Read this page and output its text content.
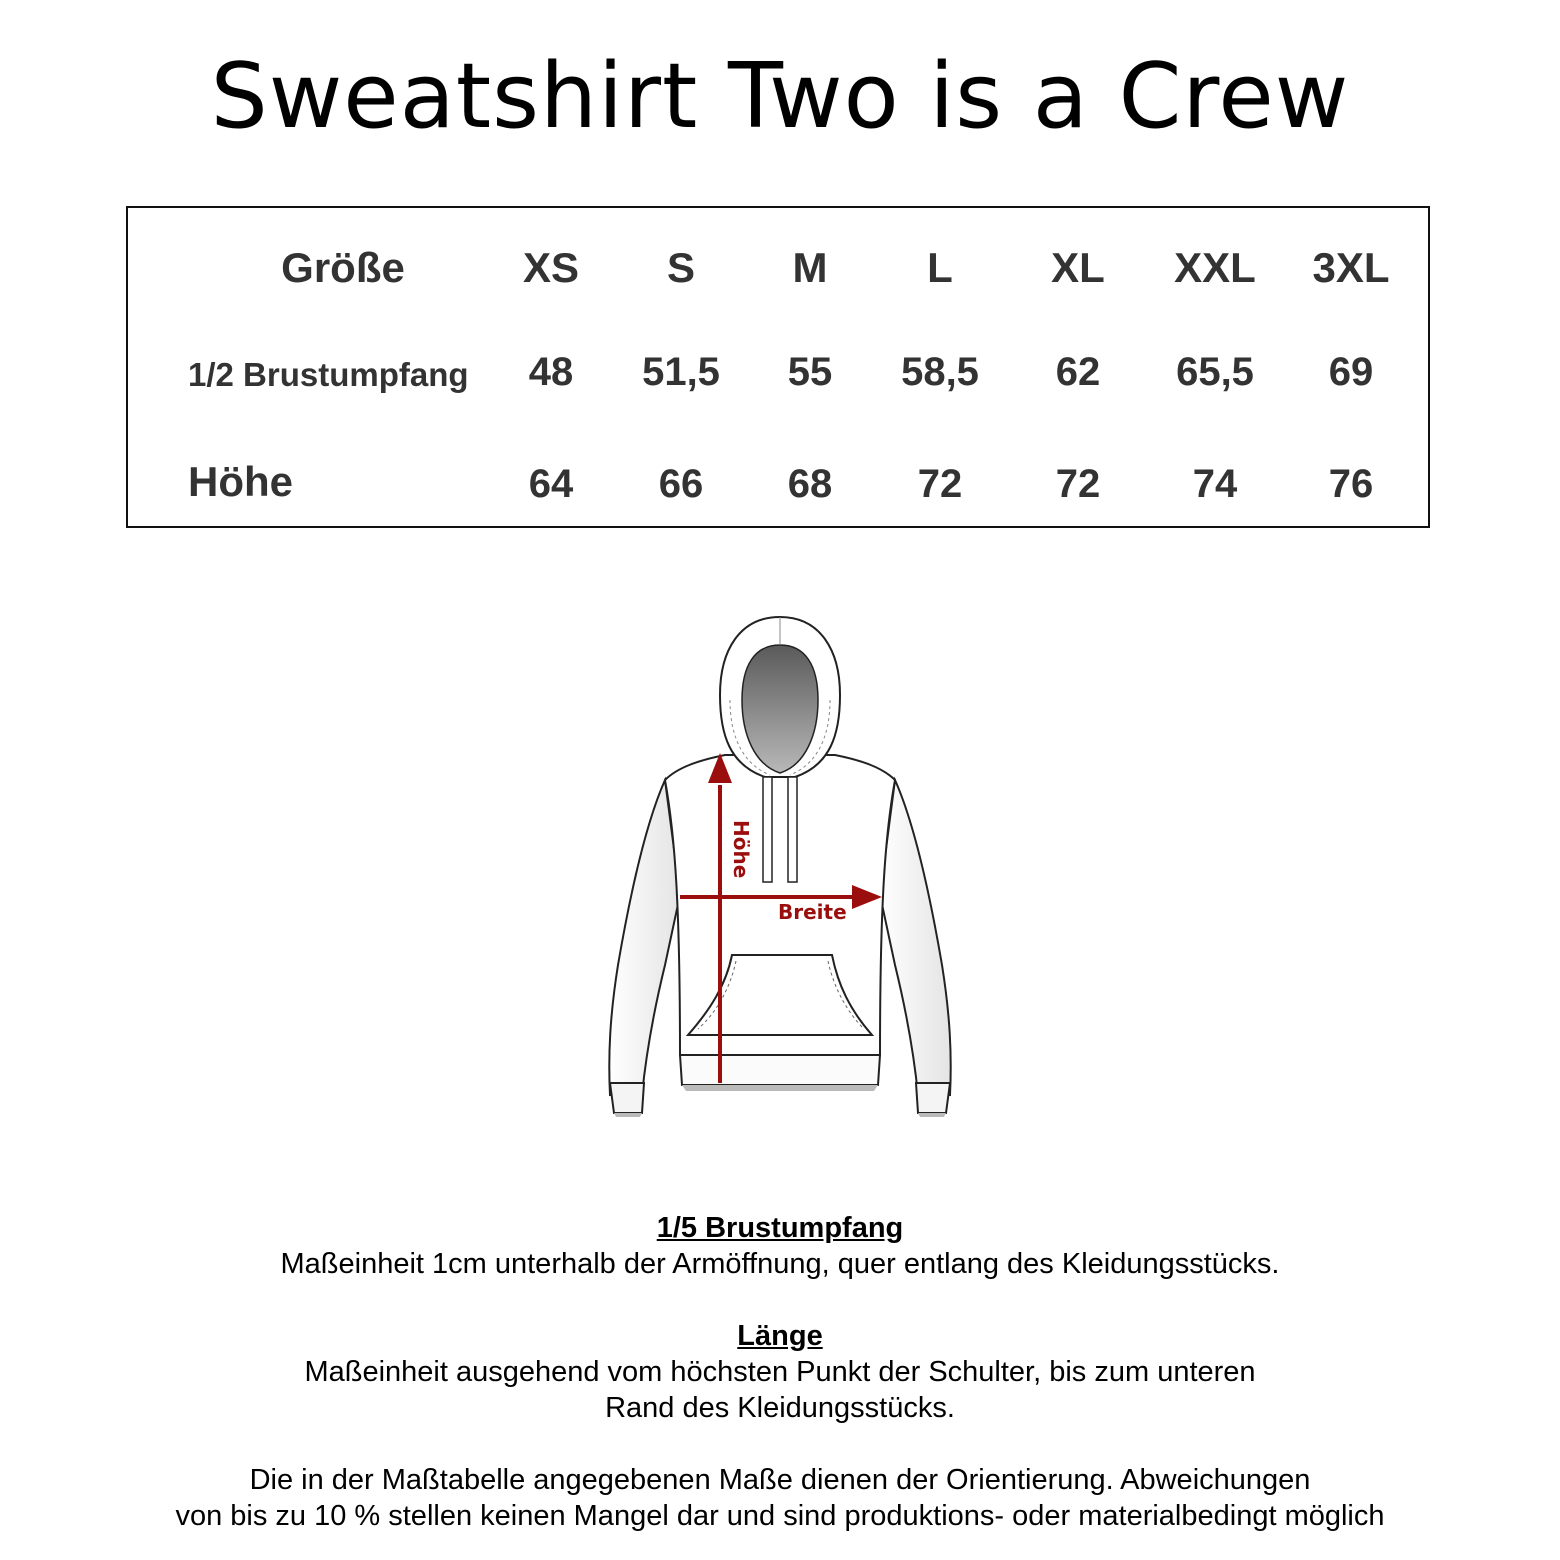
Sweatshirt Two is a Crew
Größe	XS S M L XL XXL 3XL
1/2 Brustumpfang 48 51,5 55 58,5 62 65,5 69
Höhe	64 66 68 72 72 74 76
Höhe
Breite
1/5 Brustumpfang
Maßeinheit 1cm unterhalb der Armöffnung, quer entlang des Kleidungsstücks.
Länge
Maßeinheit ausgehend vom höchsten Punkt der Schulter, bis zum unteren
Rand des Kleidungsstücks.
Die in der Maßtabelle angegebenen Maße dienen der Orientierung. Abweichungen
von bis zu 10 % stellen keinen Mangel dar und sind produktions- oder materialbedingt möglich
